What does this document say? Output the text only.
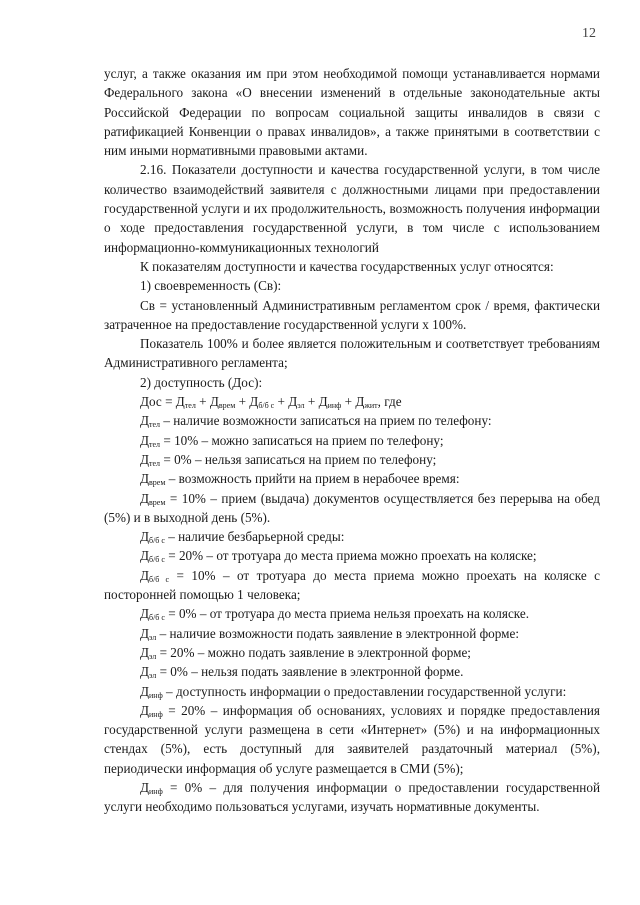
12

услуг, а также оказания им при этом необходимой помощи устанавливается нормами Федерального закона «О внесении изменений в отдельные законодательные акты Российской Федерации по вопросам социальной защиты инвалидов в связи с ратификацией Конвенции о правах инвалидов», а также принятыми в соответствии с ним иными нормативными правовыми актами.

2.16. Показатели доступности и качества государственной услуги, в том числе количество взаимодействий заявителя с должностными лицами при предоставлении государственной услуги и их продолжительность, возможность получения информации о ходе предоставления государственной услуги, в том числе с использованием информационно-коммуникационных технологий

К показателям доступности и качества государственных услуг относятся:

1) своевременность (Св):

Св = установленный Административным регламентом срок / время, фактически затраченное на предоставление государственной услуги х 100%.

Показатель 100% и более является положительным и соответствует требованиям Административного регламента;

2) доступность (Дос):

Дос = $Д_{тел} + Д_{врем} + Д_{б/б с} + Д_{эл} + Д_{инф} + Д_{жит}$, где

$Д_{тел}$ – наличие возможности записаться на прием по телефону:

$Д_{тел} = 10\%$ – можно записаться на прием по телефону;

$Д_{тел} = 0\%$ – нельзя записаться на прием по телефону;

$Д_{врем}$ – возможность прийти на прием в нерабочее время:

$Д_{врем} = 10\%$ – прием (выдача) документов осуществляется без перерыва на обед (5%) и в выходной день (5%).

$Д_{б/б с}$ – наличие безбарьерной среды:

$Д_{б/б с} = 20\%$ – от тротуара до места приема можно проехать на коляске;

$Д_{б/б с} = 10\%$ – от тротуара до места приема можно проехать на коляске с посторонней помощью 1 человека;

$Д_{б/б с} = 0\%$ – от тротуара до места приема нельзя проехать на коляске.

$Д_{эл}$ – наличие возможности подать заявление в электронной форме:

$Д_{эл} = 20\%$ – можно подать заявление в электронной форме;

$Д_{эл} = 0\%$ – нельзя подать заявление в электронной форме.

$Д_{инф}$ – доступность информации о предоставлении государственной услуги:

$Д_{инф} = 20\%$ – информация об основаниях, условиях и порядке предоставления государственной услуги размещена в сети «Интернет» (5%) и на информационных стендах (5%), есть доступный для заявителей раздаточный материал (5%), периодически информация об услуге размещается в СМИ (5%);

$Д_{инф} = 0\%$ – для получения информации о предоставлении государственной услуги необходимо пользоваться услугами, изучать нормативные документы.
